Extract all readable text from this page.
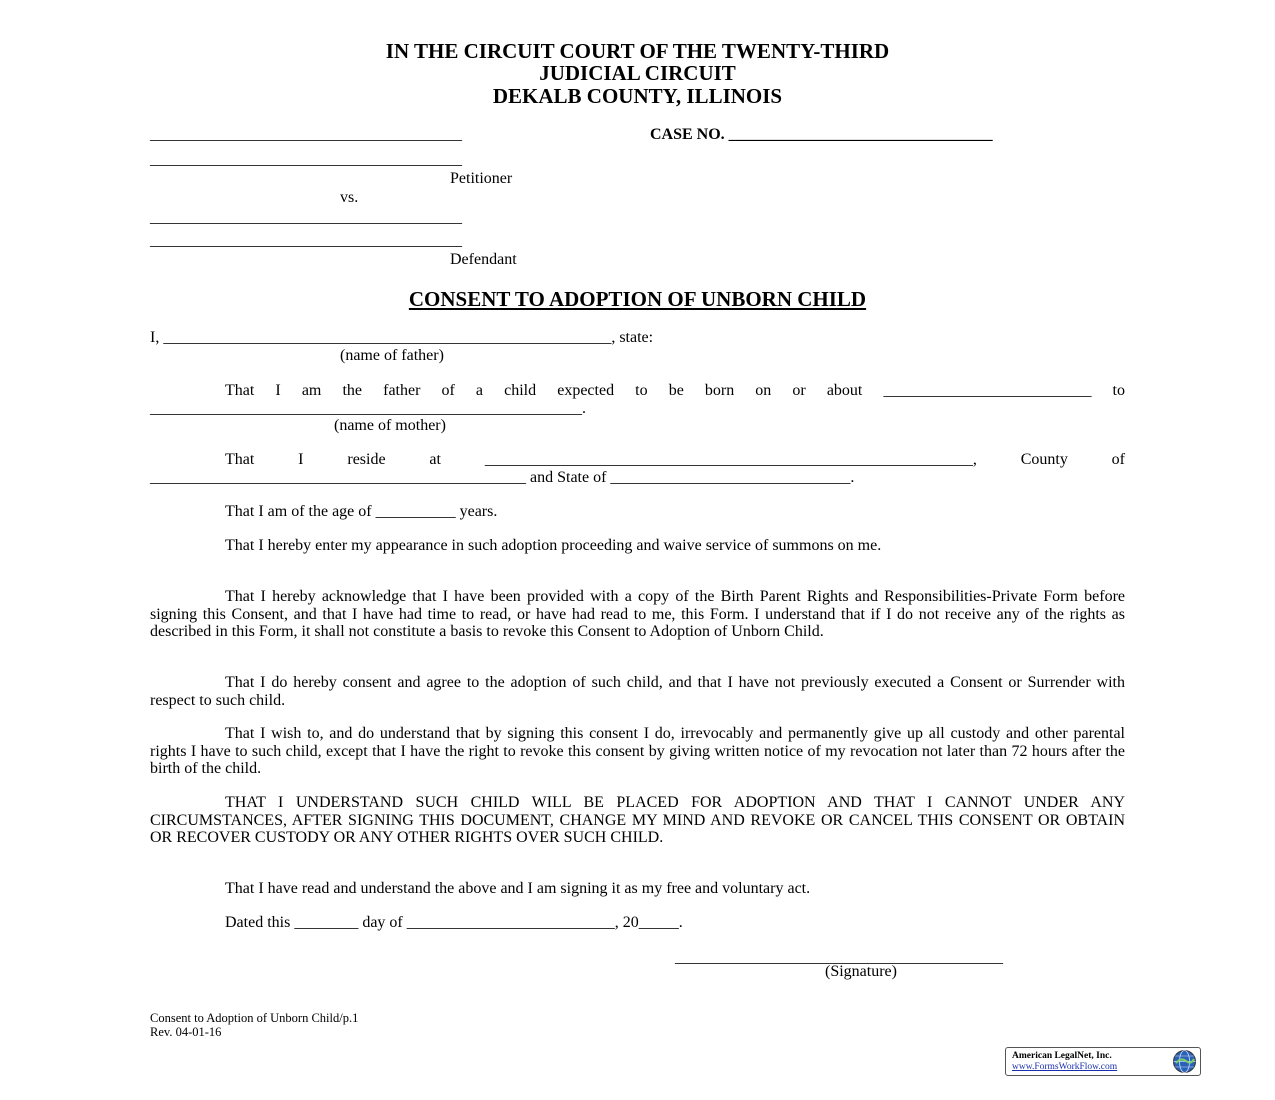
IN THE CIRCUIT COURT OF THE TWENTY-THIRD
JUDICIAL CIRCUIT
DEKALB COUNTY, ILLINOIS
_______________________________________	CASE NO. _________________________________
_______________________________________
Petitioner
vs.
_______________________________________
_______________________________________
Defendant
CONSENT TO ADOPTION OF UNBORN CHILD
I, ________________________________________________________, state:
(name of father)
That I am the father of a child expected to be born on or about __________________________ to ______________________________________________________.
(name of mother)
That I reside at _____________________________________________________________, County of _______________________________________________ and State of ______________________________.
That I am of the age of __________ years.
That I hereby enter my appearance in such adoption proceeding and waive service of summons on me.
That I hereby acknowledge that I have been provided with a copy of the Birth Parent Rights and Responsibilities-Private Form before signing this Consent, and that I have had time to read, or have had read to me, this Form. I understand that if I do not receive any of the rights as described in this Form, it shall not constitute a basis to revoke this Consent to Adoption of Unborn Child.
That I do hereby consent and agree to the adoption of such child, and that I have not previously executed a Consent or Surrender with respect to such child.
That I wish to, and do understand that by signing this consent I do, irrevocably and permanently give up all custody and other parental rights I have to such child, except that I have the right to revoke this consent by giving written notice of my revocation not later than 72 hours after the birth of the child.
THAT I UNDERSTAND SUCH CHILD WILL BE PLACED FOR ADOPTION AND THAT I CANNOT UNDER ANY CIRCUMSTANCES, AFTER SIGNING THIS DOCUMENT, CHANGE MY MIND AND REVOKE OR CANCEL THIS CONSENT OR OBTAIN OR RECOVER CUSTODY OR ANY OTHER RIGHTS OVER SUCH CHILD.
That I have read and understand the above and I am signing it as my free and voluntary act.
Dated this ________ day of __________________________, 20_____.
_________________________________________
(Signature)
Consent to Adoption of Unborn Child/p.1
Rev. 04-01-16
American LegalNet, Inc.
www.FormsWorkFlow.com
